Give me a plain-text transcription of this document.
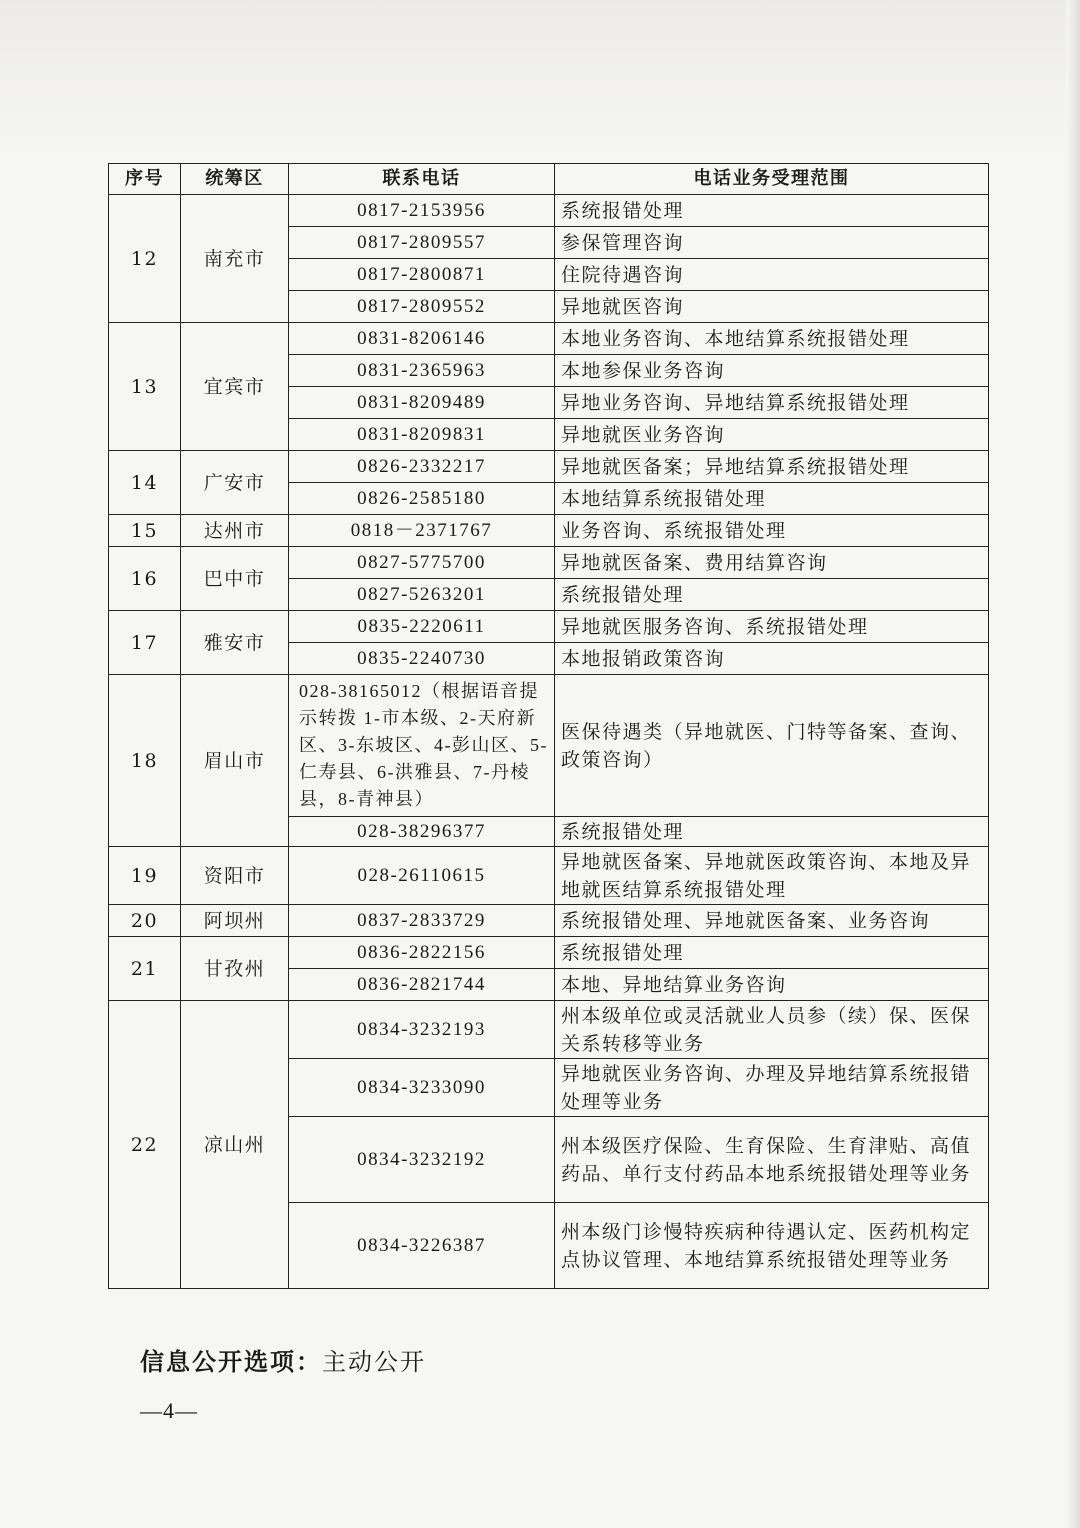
序号	统筹区	联系电话	电话业务受理范围
12	南充市	0817-2153956	系统报错处理
		0817-2809557	参保管理咨询
		0817-2800871	住院待遇咨询
		0817-2809552	异地就医咨询
13	宜宾市	0831-8206146	本地业务咨询、本地结算系统报错处理
		0831-2365963	本地参保业务咨询
		0831-8209489	异地业务咨询、异地结算系统报错处理
		0831-8209831	异地就医业务咨询
14	广安市	0826-2332217	异地就医备案；异地结算系统报错处理
		0826-2585180	本地结算系统报错处理
15	达州市	0818－2371767	业务咨询、系统报错处理
16	巴中市	0827-5775700	异地就医备案、费用结算咨询
		0827-5263201	系统报错处理
17	雅安市	0835-2220611	异地就医服务咨询、系统报错处理
		0835-2240730	本地报销政策咨询
18	眉山市	028-38165012（根据语音提示转拨 1-市本级、2-天府新区、3-东坡区、4-彭山区、5-仁寿县、6-洪雅县、7-丹棱县，8-青神县）	医保待遇类（异地就医、门特等备案、查询、政策咨询）
		028-38296377	系统报错处理
19	资阳市	028-26110615	异地就医备案、异地就医政策咨询、本地及异地就医结算系统报错处理
20	阿坝州	0837-2833729	系统报错处理、异地就医备案、业务咨询
21	甘孜州	0836-2822156	系统报错处理
		0836-2821744	本地、异地结算业务咨询
22	凉山州	0834-3232193	州本级单位或灵活就业人员参（续）保、医保关系转移等业务
		0834-3233090	异地就医业务咨询、办理及异地结算系统报错处理等业务
		0834-3232192	州本级医疗保险、生育保险、生育津贴、高值药品、单行支付药品本地系统报错处理等业务
		0834-3226387	州本级门诊慢特疾病种待遇认定、医药机构定点协议管理、本地结算系统报错处理等业务
信息公开选项：主动公开
—4—
